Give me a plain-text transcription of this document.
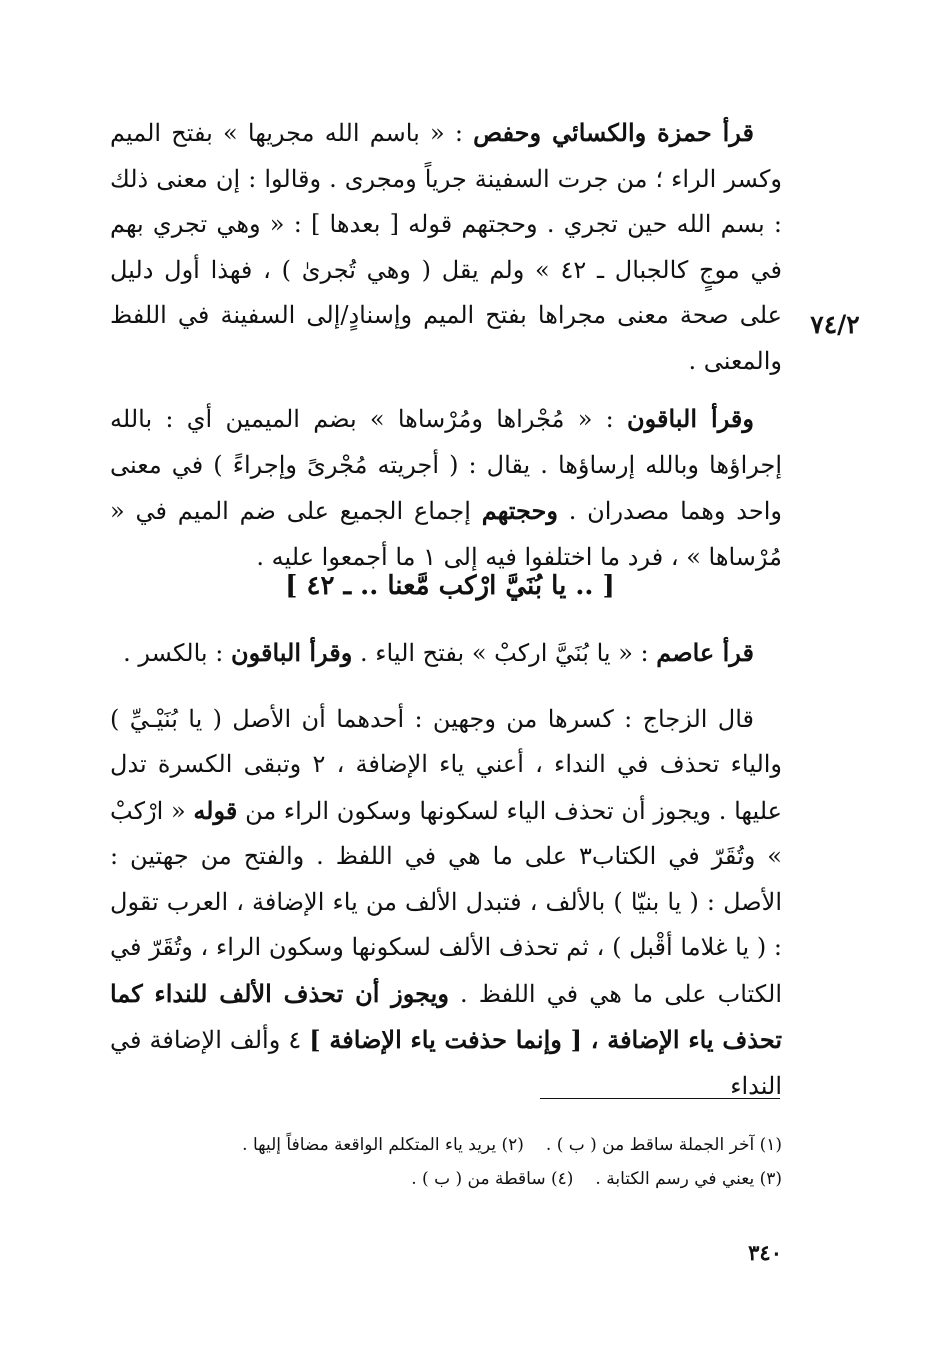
قرأ حمزة والكسائي وحفص : « باسم الله مجريها » بفتح الميم وكسر الراء ؛ من جرت السفينة جرياً ومجرى . وقالوا : إن معنى ذلك : بسم الله حين تجري . وحجتهم قوله [ بعدها ] : « وهي تجري بهم في موجٍ كالجبال ـ ٤٢ » ولم يقل ( وهي تُجرىٰ ) ، فهذا أول دليل على صحة معنى مجراها بفتح الميم وإسنادٍ/إلى السفينة في اللفظ والمعنى .

وقرأ الباقون : « مُجْراها ومُرْساها » بضم الميمين أي : بالله إجراؤها وبالله إرساؤها . يقال : ( أجريته مُجْرىً وإجراءً ) في معنى واحد وهما مصدران . وحجتهم إجماع الجميع على ضم الميم في « مُرْساها » ، فرد ما اختلفوا فيه إلى ١ ما أجمعوا عليه .

٧٤/٢
[ .. يا بُنَيَّ ارْكب مَّعنا .. ـ ٤٢ ]

قرأ عاصم : « يا بُنَيَّ اركبْ » بفتح الياء . وقرأ الباقون : بالكسر .

قال الزجاج : كسرها من وجهين : أحدهما أن الأصل ( يا بُنَيْـيِّ ) والياء تحذف في النداء ، أعني ياء الإضافة ، ٢ وتبقى الكسرة تدل عليها . ويجوز أن تحذف الياء لسكونها وسكون الراء من قوله « ارْكبْ » وتُقَرّ في الكتاب٣ على ما هي في اللفظ . والفتح من جهتين : الأصل : ( يا بنيّا ) بالألف ، فتبدل الألف من ياء الإضافة ، العرب تقول : ( يا غلاما أقْبل ) ، ثم تحذف الألف لسكونها وسكون الراء ، وتُقَرّ في الكتاب على ما هي في اللفظ . ويجوز أن تحذف الألف للنداء كما تحذف ياء الإضافة ، [ وإنما حذفت ياء الإضافة ] ٤ وألف الإضافة في النداء

(١) آخر الجملة ساقط من ( ب ) .
(٢) يريد ياء المتكلم الواقعة مضافاً إليها .
(٣) يعني في رسم الكتابة .
(٤) ساقطة من ( ب ) .
٣٤٠
